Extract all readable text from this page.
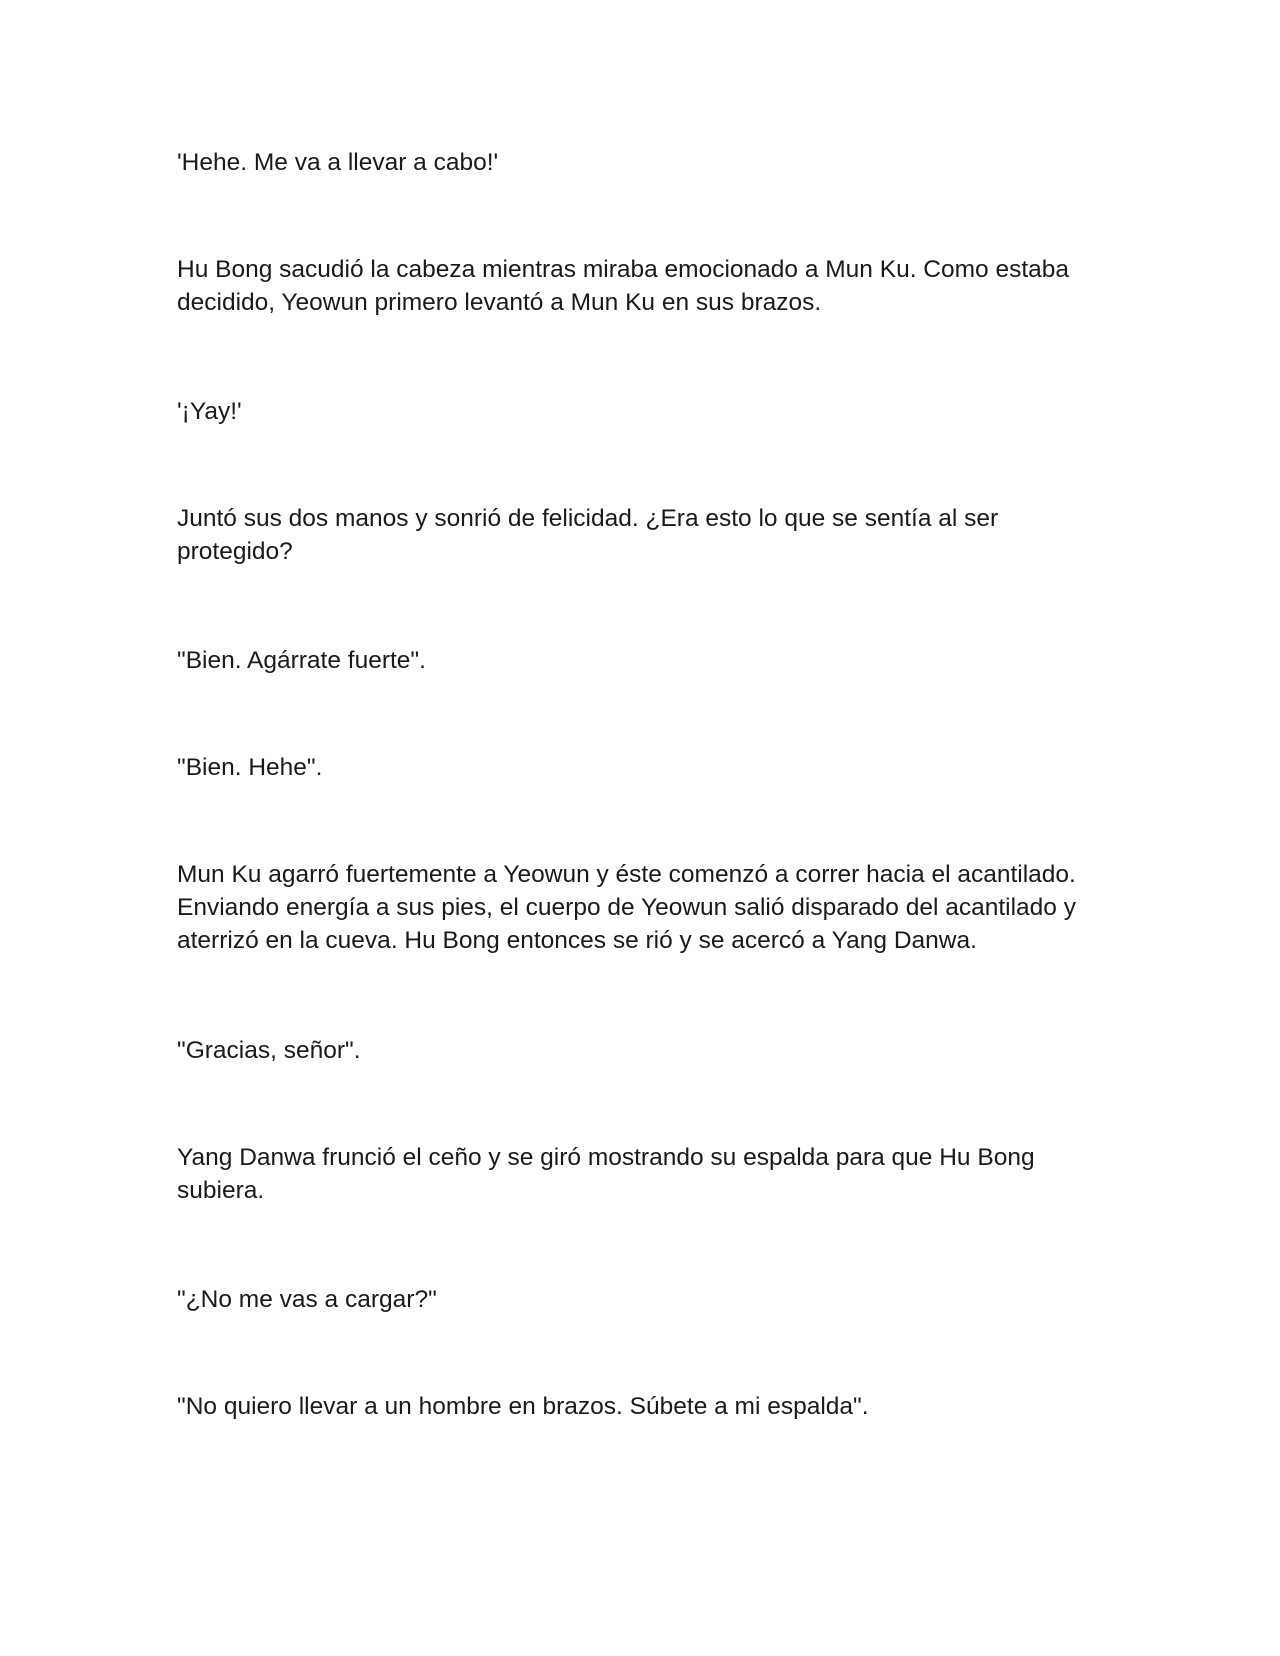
'Hehe. Me va a llevar a cabo!'

Hu Bong sacudió la cabeza mientras miraba emocionado a Mun Ku. Como estaba decidido, Yeowun primero levantó a Mun Ku en sus brazos.

'¡Yay!'

Juntó sus dos manos y sonrió de felicidad. ¿Era esto lo que se sentía al ser protegido?

"Bien. Agárrate fuerte".

"Bien. Hehe".

Mun Ku agarró fuertemente a Yeowun y éste comenzó a correr hacia el acantilado. Enviando energía a sus pies, el cuerpo de Yeowun salió disparado del acantilado y aterrizó en la cueva. Hu Bong entonces se rió y se acercó a Yang Danwa.

"Gracias, señor".

Yang Danwa frunció el ceño y se giró mostrando su espalda para que Hu Bong subiera.

"¿No me vas a cargar?"

"No quiero llevar a un hombre en brazos. Súbete a mi espalda".
